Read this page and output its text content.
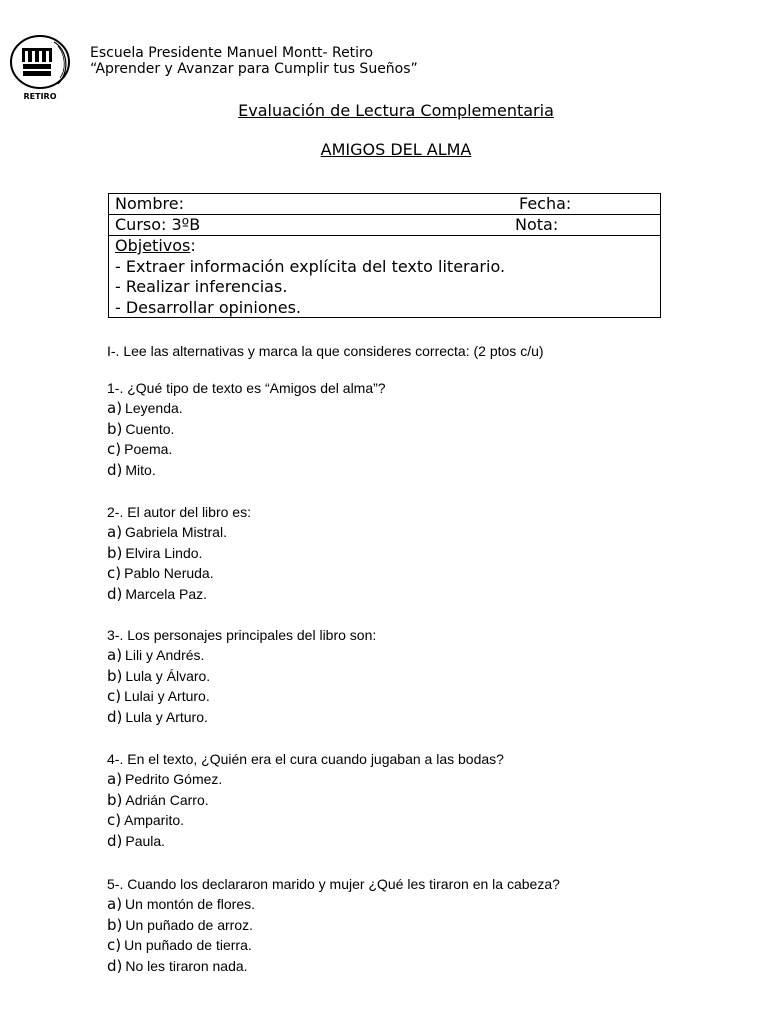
RETIRO
Escuela Presidente Manuel Montt- Retiro
“Aprender y Avanzar para Cumplir tus Sueños”
Evaluación de Lectura Complementaria
AMIGOS DEL ALMA
Nombre:	Fecha:
Curso: 3ºB	Nota:
Objetivos:
- Extraer información explícita del texto literario.
- Realizar inferencias.
- Desarrollar opiniones.
I-. Lee las alternativas y marca la que consideres correcta: (2 ptos c/u)
1-. ¿Qué tipo de texto es “Amigos del alma”?
a) Leyenda.
b) Cuento.
c) Poema.
d) Mito.
2-. El autor del libro es:
a) Gabriela Mistral.
b) Elvira Lindo.
c) Pablo Neruda.
d) Marcela Paz.
3-. Los personajes principales del libro son:
a) Lili y Andrés.
b) Lula y Álvaro.
c) Lulai y Arturo.
d) Lula y Arturo.
4-. En el texto, ¿Quién era el cura cuando jugaban a las bodas?
a) Pedrito Gómez.
b) Adrián Carro.
c) Amparito.
d) Paula.
5-. Cuando los declararon marido y mujer ¿Qué les tiraron en la cabeza?
a) Un montón de flores.
b) Un puñado de arroz.
c) Un puñado de tierra.
d) No les tiraron nada.
